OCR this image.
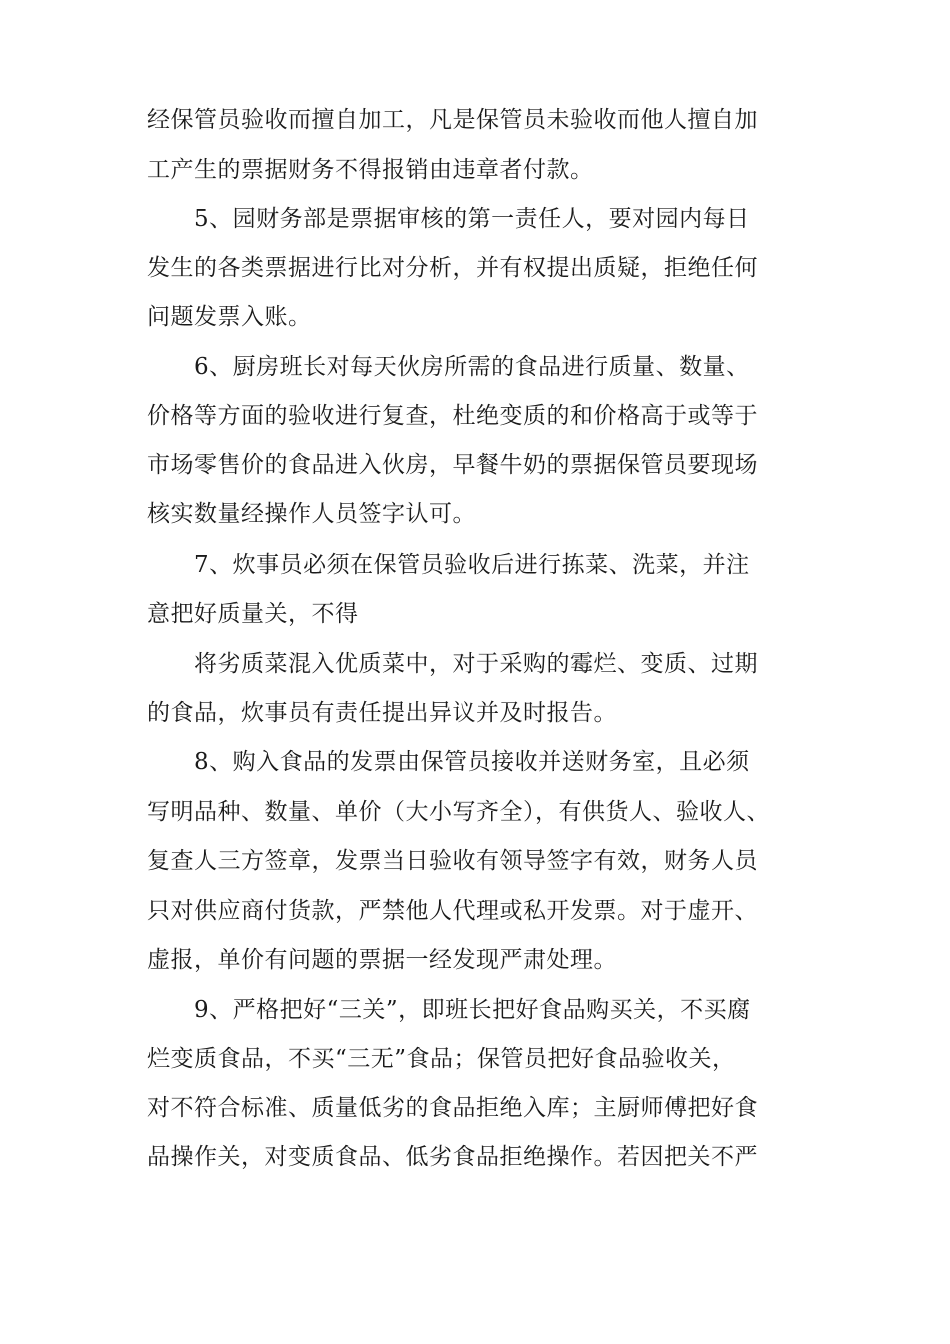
经保管员验收而擅自加工，凡是保管员未验收而他人擅自加
工产生的票据财务不得报销由违章者付款。
5、园财务部是票据审核的第一责任人，要对园内每日
发生的各类票据进行比对分析，并有权提出质疑，拒绝任何
问题发票入账。
6、厨房班长对每天伙房所需的食品进行质量、数量、
价格等方面的验收进行复查，杜绝变质的和价格高于或等于
市场零售价的食品进入伙房，早餐牛奶的票据保管员要现场
核实数量经操作人员签字认可。
7、炊事员必须在保管员验收后进行拣菜、洗菜，并注
意把好质量关，不得
将劣质菜混入优质菜中，对于采购的霉烂、变质、过期
的食品，炊事员有责任提出异议并及时报告。
8、购入食品的发票由保管员接收并送财务室，且必须
写明品种、数量、单价（大小写齐全），有供货人、验收人、
复查人三方签章，发票当日验收有领导签字有效，财务人员
只对供应商付货款，严禁他人代理或私开发票。对于虚开、
虚报，单价有问题的票据一经发现严肃处理。
9、严格把好“三关”，即班长把好食品购买关，不买腐
烂变质食品，不买“三无”食品；保管员把好食品验收关，
对不符合标准、质量低劣的食品拒绝入库；主厨师傅把好食
品操作关，对变质食品、低劣食品拒绝操作。若因把关不严
